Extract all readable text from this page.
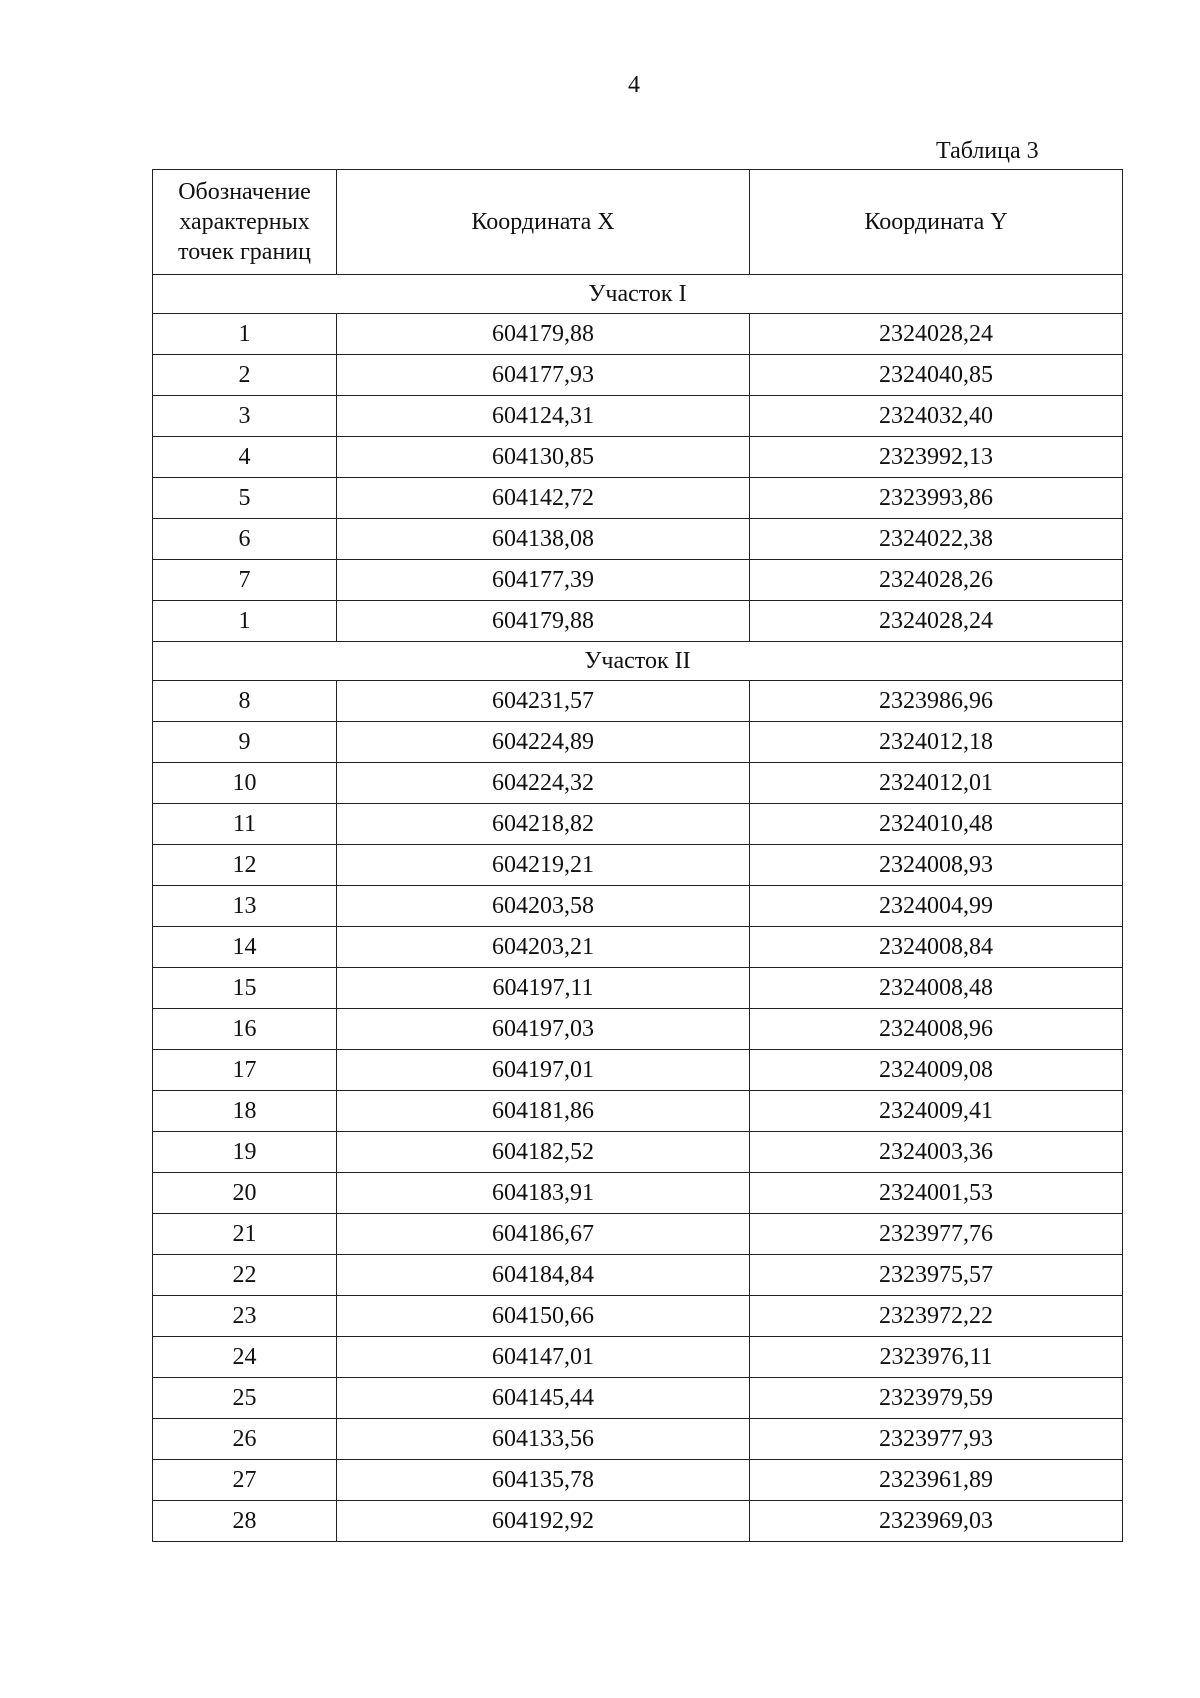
4
Таблица 3
Обозначение характерных точек границ	Координата X	Координата Y
Участок I		
1	604179,88	2324028,24
2	604177,93	2324040,85
3	604124,31	2324032,40
4	604130,85	2323992,13
5	604142,72	2323993,86
6	604138,08	2324022,38
7	604177,39	2324028,26
1	604179,88	2324028,24
Участок II		
8	604231,57	2323986,96
9	604224,89	2324012,18
10	604224,32	2324012,01
11	604218,82	2324010,48
12	604219,21	2324008,93
13	604203,58	2324004,99
14	604203,21	2324008,84
15	604197,11	2324008,48
16	604197,03	2324008,96
17	604197,01	2324009,08
18	604181,86	2324009,41
19	604182,52	2324003,36
20	604183,91	2324001,53
21	604186,67	2323977,76
22	604184,84	2323975,57
23	604150,66	2323972,22
24	604147,01	2323976,11
25	604145,44	2323979,59
26	604133,56	2323977,93
27	604135,78	2323961,89
28	604192,92	2323969,03
